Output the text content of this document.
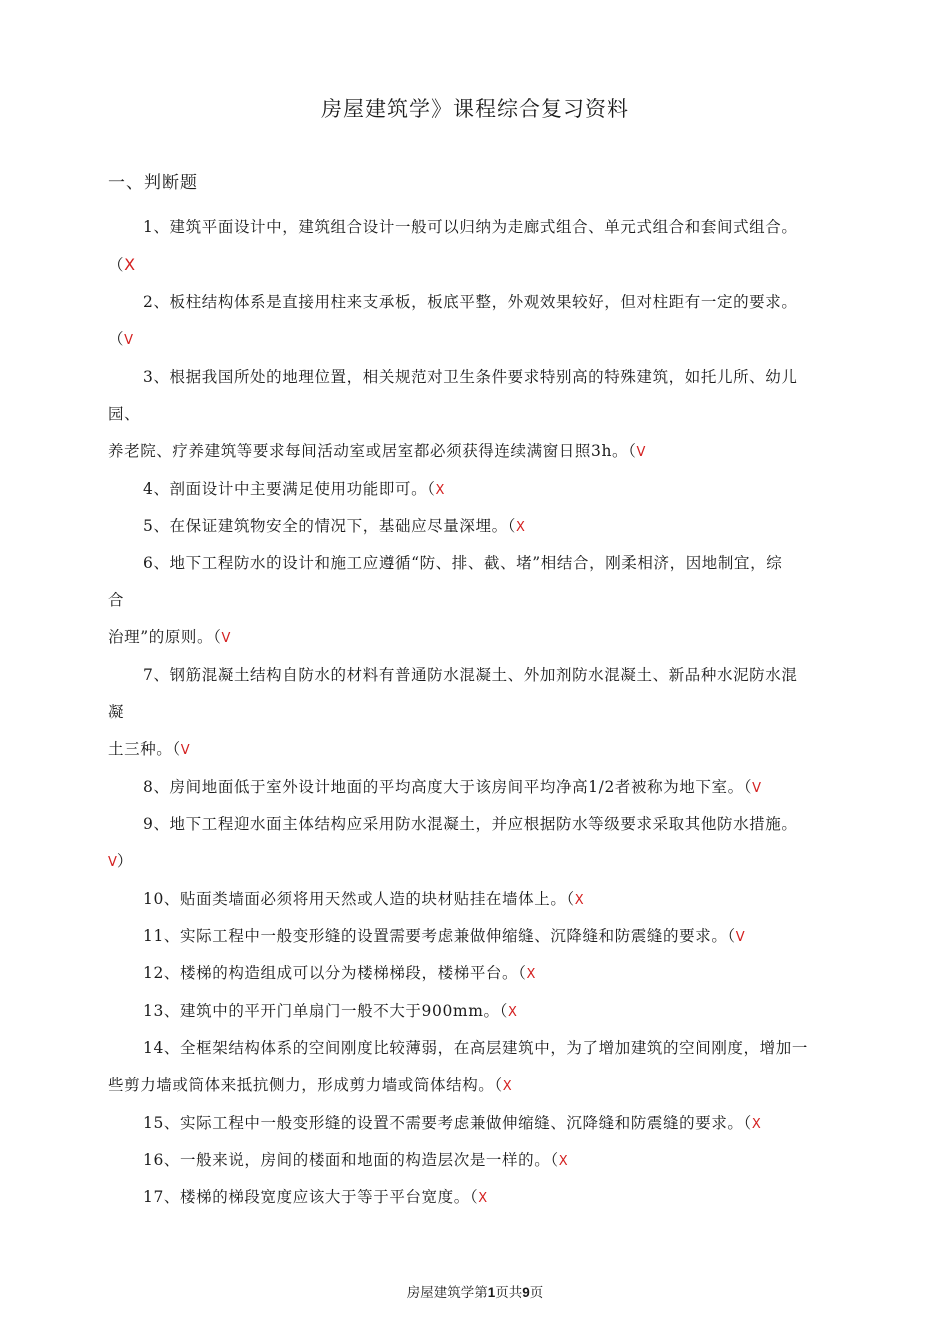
房屋建筑学》课程综合复习资料
一、判断题
1、建筑平面设计中，建筑组合设计一般可以归纳为走廊式组合、单元式组合和套间式组合。
（X
2、板柱结构体系是直接用柱来支承板，板底平整，外观效果较好，但对柱距有一定的要求。
（V
3、根据我国所处的地理位置，相关规范对卫生条件要求特别高的特殊建筑，如托儿所、幼儿
园、
养老院、疗养建筑等要求每间活动室或居室都必须获得连续满窗日照3h。（V
4、剖面设计中主要满足使用功能即可。（X
5、在保证建筑物安全的情况下，基础应尽量深埋。（X
6、地下工程防水的设计和施工应遵循“防、排、截、堵”相结合，刚柔相济，因地制宜，综
合
治理”的原则。（V
7、钢筋混凝土结构自防水的材料有普通防水混凝土、外加剂防水混凝土、新品种水泥防水混
凝
土三种。（V
8、房间地面低于室外设计地面的平均高度大于该房间平均净高1/2者被称为地下室。（V
9、地下工程迎水面主体结构应采用防水混凝土，并应根据防水等级要求采取其他防水措施。
V）
10、贴面类墙面必须将用天然或人造的块材贴挂在墙体上。（X
11、实际工程中一般变形缝的设置需要考虑兼做伸缩缝、沉降缝和防震缝的要求。（V
12、楼梯的构造组成可以分为楼梯梯段，楼梯平台。（X
13、建筑中的平开门单扇门一般不大于900mm。（X
14、全框架结构体系的空间刚度比较薄弱，在高层建筑中，为了增加建筑的空间刚度，增加一
些剪力墙或筒体来抵抗侧力，形成剪力墙或筒体结构。（X
15、实际工程中一般变形缝的设置不需要考虑兼做伸缩缝、沉降缝和防震缝的要求。（X
16、一般来说，房间的楼面和地面的构造层次是一样的。（X
17、楼梯的梯段宽度应该大于等于平台宽度。（X
房屋建筑学第1页共9页
